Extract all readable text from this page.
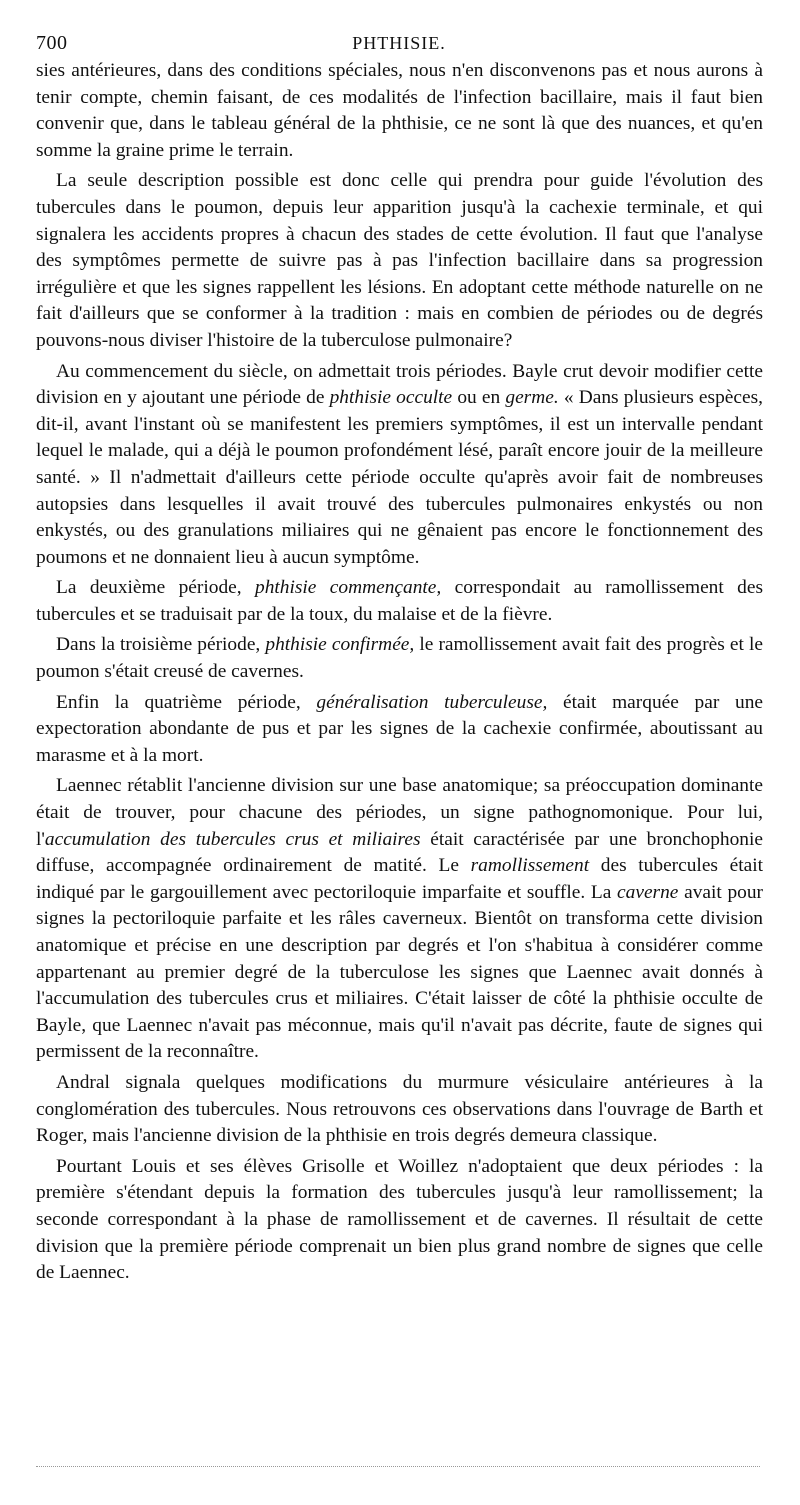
700	PHTHISIE.

sies antérieures, dans des conditions spéciales, nous n'en disconvenons pas et nous aurons à tenir compte, chemin faisant, de ces modalités de l'infection bacillaire, mais il faut bien convenir que, dans le tableau général de la phthisie, ce ne sont là que des nuances, et qu'en somme la graine prime le terrain.

La seule description possible est donc celle qui prendra pour guide l'évolution des tubercules dans le poumon, depuis leur apparition jusqu'à la cachexie terminale, et qui signalera les accidents propres à chacun des stades de cette évolution. Il faut que l'analyse des symptômes permette de suivre pas à pas l'infection bacillaire dans sa progression irrégulière et que les signes rappellent les lésions. En adoptant cette méthode naturelle on ne fait d'ailleurs que se conformer à la tradition : mais en combien de périodes ou de degrés pouvons-nous diviser l'histoire de la tuberculose pulmonaire?

Au commencement du siècle, on admettait trois périodes. Bayle crut devoir modifier cette division en y ajoutant une période de phthisie occulte ou en germe. « Dans plusieurs espèces, dit-il, avant l'instant où se manifestent les premiers symptômes, il est un intervalle pendant lequel le malade, qui a déjà le poumon profondément lésé, paraît encore jouir de la meilleure santé. » Il n'admettait d'ailleurs cette période occulte qu'après avoir fait de nombreuses autopsies dans lesquelles il avait trouvé des tubercules pulmonaires enkystés ou non enkystés, ou des granulations miliaires qui ne gênaient pas encore le fonctionnement des poumons et ne donnaient lieu à aucun symptôme.

La deuxième période, phthisie commençante, correspondait au ramollissement des tubercules et se traduisait par de la toux, du malaise et de la fièvre.

Dans la troisième période, phthisie confirmée, le ramollissement avait fait des progrès et le poumon s'était creusé de cavernes.

Enfin la quatrième période, généralisation tuberculeuse, était marquée par une expectoration abondante de pus et par les signes de la cachexie confirmée, aboutissant au marasme et à la mort.

Laennec rétablit l'ancienne division sur une base anatomique; sa préoccupation dominante était de trouver, pour chacune des périodes, un signe pathognomonique. Pour lui, l'accumulation des tubercules crus et miliaires était caractérisée par une bronchophonie diffuse, accompagnée ordinairement de matité. Le ramollissement des tubercules était indiqué par le gargouillement avec pectoriloquie imparfaite et souffle. La caverne avait pour signes la pectoriloquie parfaite et les râles caverneux. Bientôt on transforma cette division anatomique et précise en une description par degrés et l'on s'habitua à considérer comme appartenant au premier degré de la tuberculose les signes que Laennec avait donnés à l'accumulation des tubercules crus et miliaires. C'était laisser de côté la phthisie occulte de Bayle, que Laennec n'avait pas méconnue, mais qu'il n'avait pas décrite, faute de signes qui permissent de la reconnaître.

Andral signala quelques modifications du murmure vésiculaire antérieures à la conglomération des tubercules. Nous retrouvons ces observations dans l'ouvrage de Barth et Roger, mais l'ancienne division de la phthisie en trois degrés demeura classique.

Pourtant Louis et ses élèves Grisolle et Woillez n'adoptaient que deux périodes : la première s'étendant depuis la formation des tubercules jusqu'à leur ramollissement; la seconde correspondant à la phase de ramollissement et de cavernes. Il résultait de cette division que la première période comprenait un bien plus grand nombre de signes que celle de Laennec.
